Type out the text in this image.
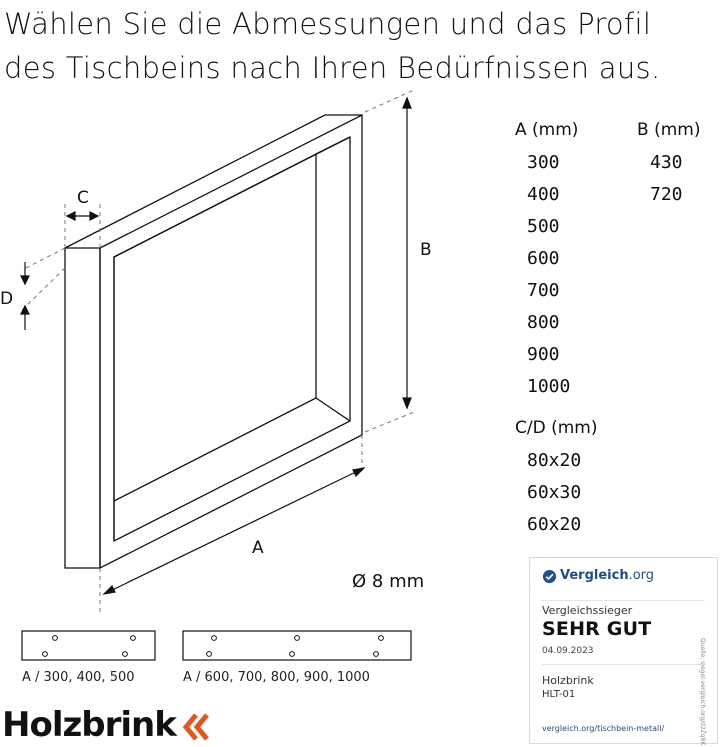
Wählen Sie die Abmessungen und das Profil
des Tischbeins nach Ihren Bedürfnissen aus.
B
A
C
D
Ø 8 mm
A / 300, 400, 500	A / 600, 700, 800, 900, 1000
A (mm)	B (mm)
300
400
500
600
700
800
900
1000
430
720
C/D (mm)
80x20
60x30
60x20
Vergleich.org
Vergleichssieger
SEHR GUT
04.09.2023
Holzbrink
HLT-01
vergleich.org/tischbein-metall/	Quelle: siegel.vergleich.org/d2Zq8K
Holzbrink
